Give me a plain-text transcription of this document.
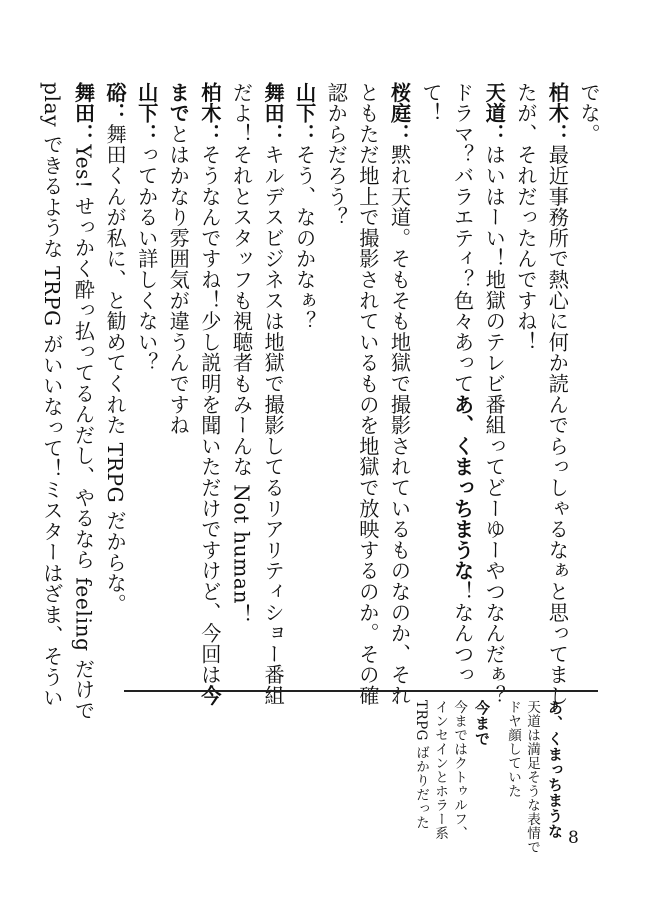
でな。
柏木：最近事務所で熱心に何か読んでらっしゃるなぁと思ってまし
たが、それだったんですね！
天道：はいはーい！地獄のテレビ番組ってどーゆーやつなんだぁ？
ドラマ？バラエティ？色々あってあ、くまっちまうな！なんつっ
て！
桜庭：黙れ天道。そもそも地獄で撮影されているものなのか、それ
ともただ地上で撮影されているものを地獄で放映するのか。その確
認からだろう？
山下：そう、なのかなぁ？
舞田：キルデスビジネスは地獄で撮影してるリアリティショー番組
だよ！それとスタッフも視聴者もみーんな Not human！
柏木：そうなんですね！少し説明を聞いただけですけど、今回は今
までとはかなり雰囲気が違うんですね
山下：ってかるい詳しくない？
硲：舞田くんが私に、と勧めてくれた TRPG だからな。
舞田：Yes! せっかく酔っ払ってるんだし、やるなら feeling だけで
play できるような TRPG がいいなって！ミスターはざま、そうい
あ、くまっちまうな
天道は満足そうな表情で
ドヤ顔していた
今まで
今まではクトゥルフ、
インセインとホラー系
TRPG ばかりだった
8
